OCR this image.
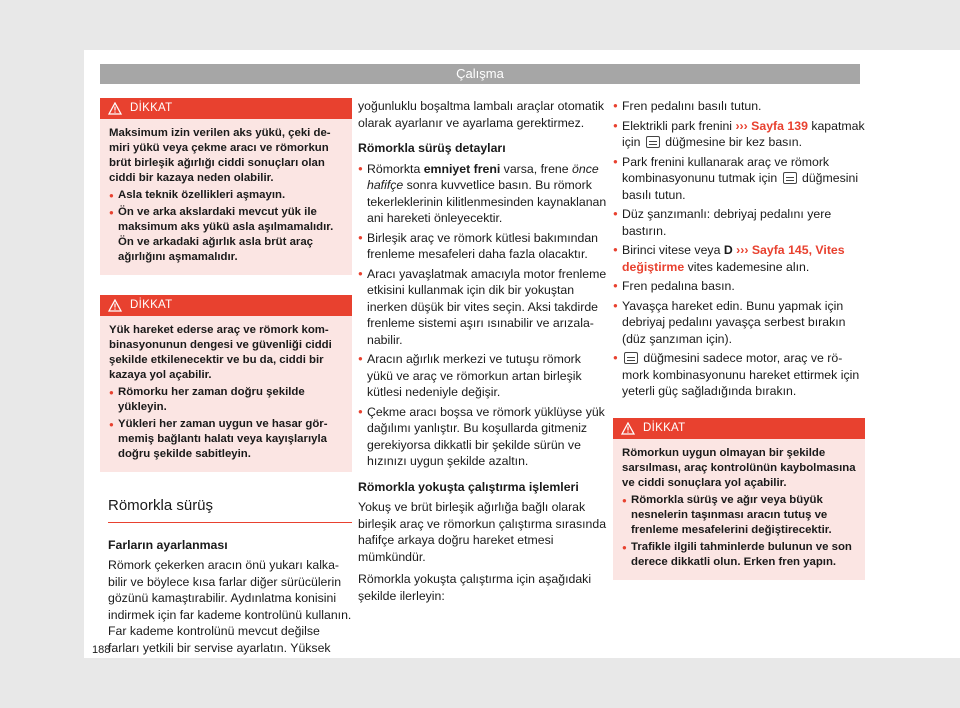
Çalışma
DİKKAT

Maksimum izin verilen aks yükü, çeki demiri yükü veya çekme aracı ve römorkun brüt birleşik ağırlığı ciddi sonuçları olan ciddi bir kazaya neden olabilir.

● Asla teknik özellikleri aşmayın.

● Ön ve arka akslardaki mevcut yük ile maksimum aks yükü asla aşılmamalıdır. Ön ve arkadaki ağırlık asla brüt araç ağırlığını aşmamalıdır.

DİKKAT

Yük hareket ederse araç ve römork kombinasyonunun dengesi ve güvenliği ciddi şekilde etkilenecektir ve bu da, ciddi bir kazaya yol açabilir.

● Römorku her zaman doğru şekilde yükleyin.

● Yükleri her zaman uygun ve hasar görmemiş bağlantı halatı veya kayışlarıyla doğru şekilde sabitleyin.

Römorkla sürüş

Farların ayarlanması

Römork çekerken aracın önü yukarı kalkabilir ve böylece kısa farlar diğer sürücülerin gözünü kamaştırabilir. Aydınlatma konisini indirmek için far kademe kontrolünü kullanın. Far kademe kontrolünü mevcut değilse farları yetkili bir servise ayarlatın. Yüksek

yoğunluklu boşaltma lambalı araçlar otomatik olarak ayarlanır ve ayarlama gerektirmez.

Römorkla sürüş detayları

● Römorkta emniyet freni varsa, frene önce hafifçe sonra kuvvetlice basın. Bu römork tekerleklerinin kilitlenmesinden kaynaklanan ani hareketi önleyecektir.

● Birleşik araç ve römork kütlesi bakımından frenleme mesafeleri daha fazla olacaktır.

● Aracı yavaşlatmak amacıyla motor frenleme etkisini kullanmak için dik bir yokuştan inerken düşük bir vites seçin. Aksi takdirde frenleme sistemi aşırı ısınabilir ve arızalanabilir.

● Aracın ağırlık merkezi ve tutuşu römork yükü ve araç ve römorkun artan birleşik kütlesi nedeniyle değişir.

● Çekme aracı boşsa ve römork yüklüyse yük dağılımı yanlıştır. Bu koşullarda gitmeniz gerekiyorsa dikkatli bir şekilde sürün ve hızınızı uygun şekilde azaltın.

Römorkla yokuşta çalıştırma işlemleri

Yokuş ve brüt birleşik ağırlığa bağlı olarak birleşik araç ve römorkun çalıştırma sırasında hafifçe arkaya doğru hareket etmesi mümkündür.

Römorkla yokuşta çalıştırma için aşağıdaki şekilde ilerleyin:

● Fren pedalını basılı tutun.

● Elektrikli park frenini ››› Sayfa 139 kapatmak için  düğmesine bir kez basın.

● Park frenini kullanarak araç ve römork kombinasyonunu tutmak için  düğmesini basılı tutun.

● Düz şanzımanlı: debriyaj pedalını yere bastırın.

● Birinci vitese veya D ››› Sayfa 145, Vites değiştirme vites kademesine alın.

● Fren pedalına basın.

● Yavaşça hareket edin. Bunu yapmak için debriyaj pedalını yavaşça serbest bırakın (düz şanzıman için).

● düğmesini sadece motor, araç ve römork kombinasyonunu hareket ettirmek için yeterli güç sağladığında bırakın.

DİKKAT

Römorkun uygun olmayan bir şekilde sarsılması, araç kontrolünün kaybolmasına ve ciddi sonuçlara yol açabilir.

● Römorkla sürüş ve ağır veya büyük nesnelerin taşınması aracın tutuş ve frenleme mesafelerini değiştirecektir.

● Trafikle ilgili tahminlerde bulunun ve son derece dikkatli olun. Erken fren yapın.

188
